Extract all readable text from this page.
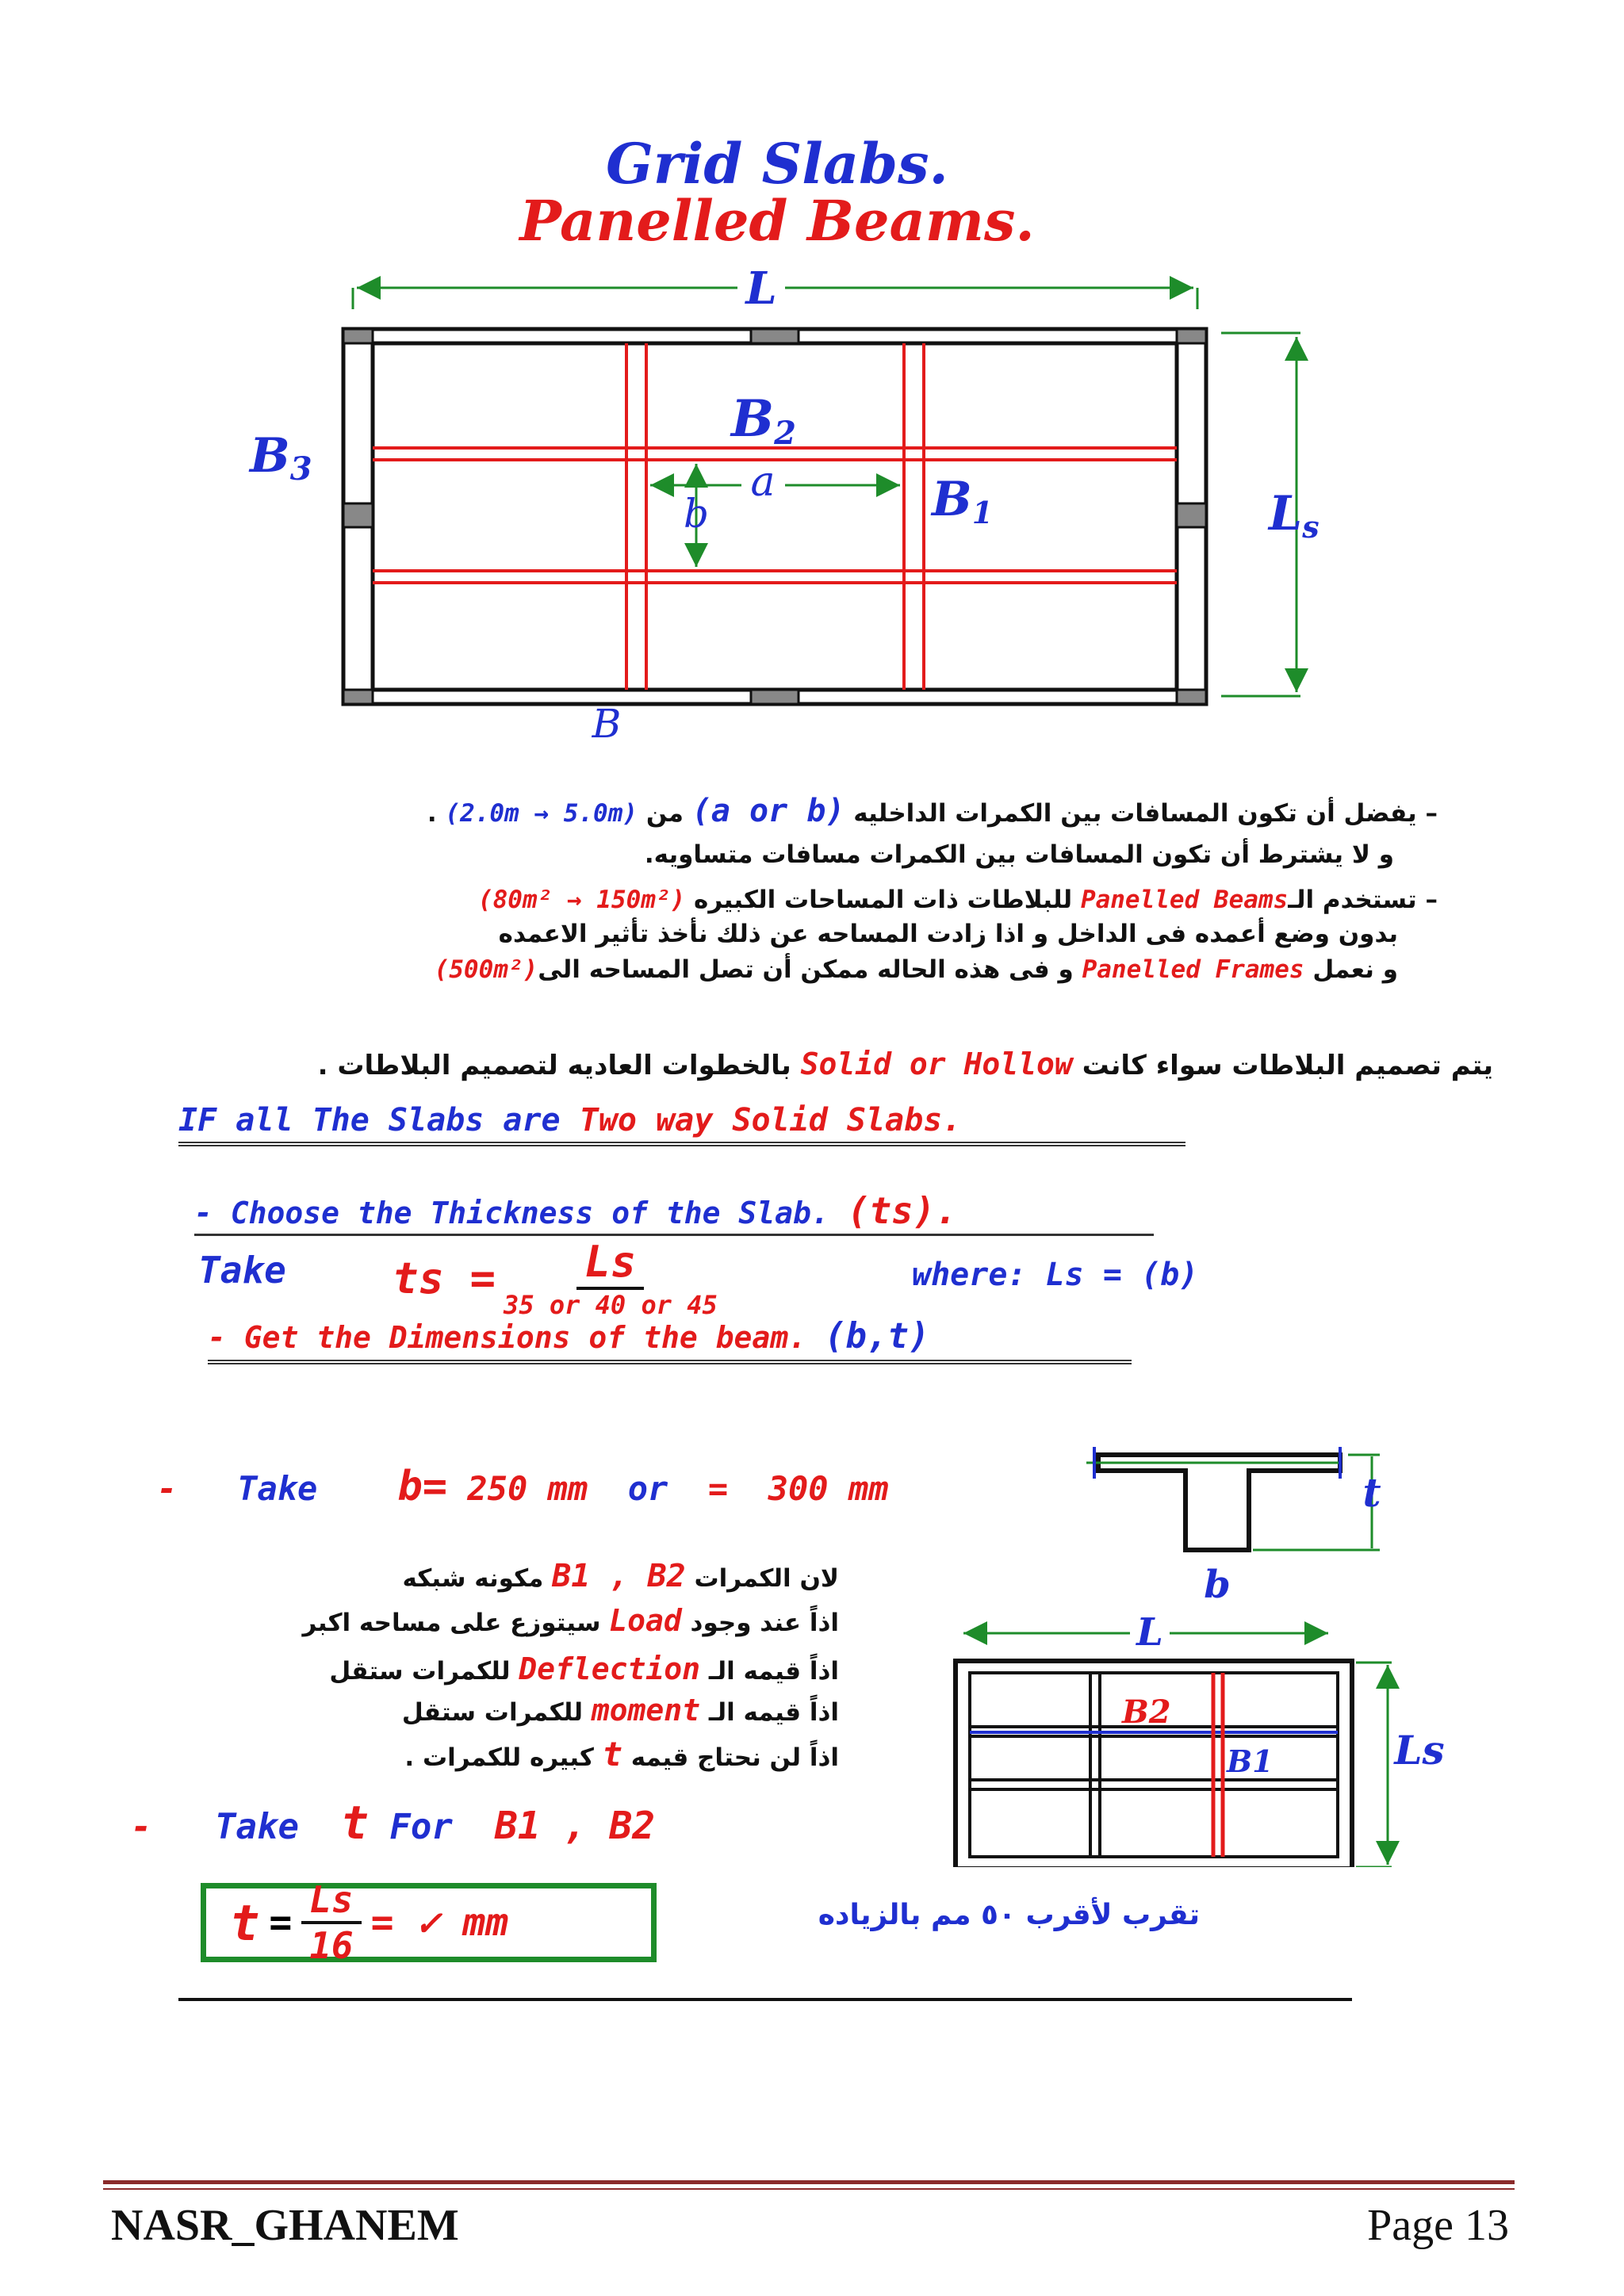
Grid Slabs.
Panelled Beams.
L
a
b
B2
B1
B3
B
Ls
– يفضل أن تكون المسافات بين الكمرات الداخليه (a or b) من (2.0m → 5.0m) .
و لا يشترط أن تكون المسافات بين الكمرات مسافات متساويه.
– تستخدم الـPanelled Beams للبلاطات ذات المساحات الكبيره (80m² → 150m²)
بدون وضع أعمده فى الداخل و اذا زادت المساحه عن ذلك نأخذ تأثير الاعمده
و نعمل Panelled Frames و فى هذه الحاله ممكن أن تصل المساحه الى(500m²)
يتم تصميم البلاطات سواء كانت Solid or Hollow بالخطوات العاديه لتصميم البلاطات .
IF all The Slabs are Two way Solid Slabs.
- Choose the Thickness of the Slab. (ts).
Take ts = $\frac{Ls}{35 or 40 or 45}$	where: Ls = (b)
- Get the Dimensions of the beam. (b,t)
- Take b= 250 mm or = 300 mm	t
b
لان الكمرات B1 , B2 مكونه شبكه
اذاً عند وجود Load سيتوزع على مساحه اكبر
اذاً قيمه الـ Deflection للكمرات ستقل
اذاً قيمه الـ moment للكمرات ستقل
اذاً لن نحتاج قيمه t كبيره للكمرات .
L
B2
B1	Ls
- Take t For B1 , B2
$t = \frac{Ls}{16}$ = ✓ mm	تقرب لأقرب ٥٠ مم بالزياده
NASR_GHANEM	Page 13
